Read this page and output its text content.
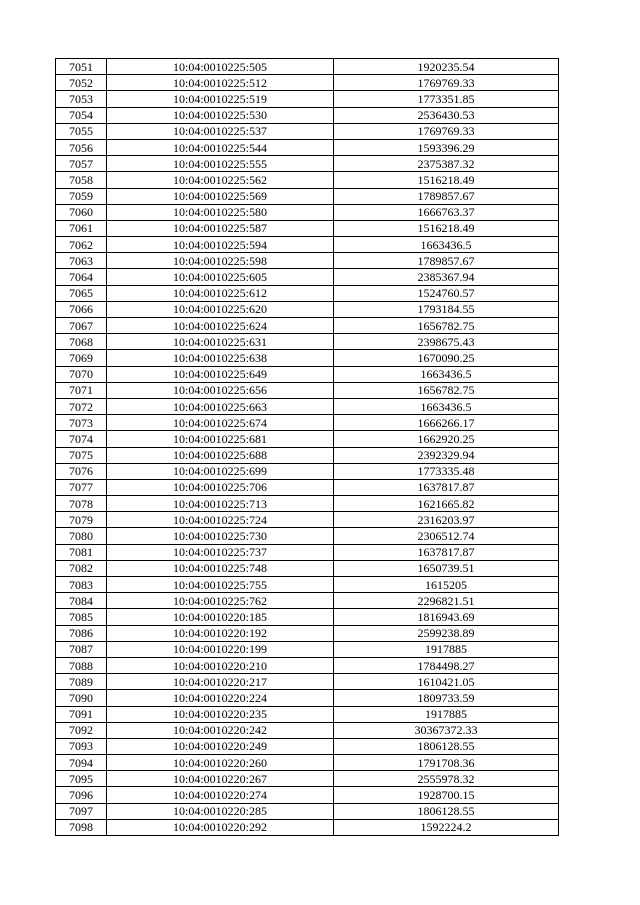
7051	10:04:0010225:505	1920235.54
7052	10:04:0010225:512	1769769.33
7053	10:04:0010225:519	1773351.85
7054	10:04:0010225:530	2536430.53
7055	10:04:0010225:537	1769769.33
7056	10:04:0010225:544	1593396.29
7057	10:04:0010225:555	2375387.32
7058	10:04:0010225:562	1516218.49
7059	10:04:0010225:569	1789857.67
7060	10:04:0010225:580	1666763.37
7061	10:04:0010225:587	1516218.49
7062	10:04:0010225:594	1663436.5
7063	10:04:0010225:598	1789857.67
7064	10:04:0010225:605	2385367.94
7065	10:04:0010225:612	1524760.57
7066	10:04:0010225:620	1793184.55
7067	10:04:0010225:624	1656782.75
7068	10:04:0010225:631	2398675.43
7069	10:04:0010225:638	1670090.25
7070	10:04:0010225:649	1663436.5
7071	10:04:0010225:656	1656782.75
7072	10:04:0010225:663	1663436.5
7073	10:04:0010225:674	1666266.17
7074	10:04:0010225:681	1662920.25
7075	10:04:0010225:688	2392329.94
7076	10:04:0010225:699	1773335.48
7077	10:04:0010225:706	1637817.87
7078	10:04:0010225:713	1621665.82
7079	10:04:0010225:724	2316203.97
7080	10:04:0010225:730	2306512.74
7081	10:04:0010225:737	1637817.87
7082	10:04:0010225:748	1650739.51
7083	10:04:0010225:755	1615205
7084	10:04:0010225:762	2296821.51
7085	10:04:0010220:185	1816943.69
7086	10:04:0010220:192	2599238.89
7087	10:04:0010220:199	1917885
7088	10:04:0010220:210	1784498.27
7089	10:04:0010220:217	1610421.05
7090	10:04:0010220:224	1809733.59
7091	10:04:0010220:235	1917885
7092	10:04:0010220:242	30367372.33
7093	10:04:0010220:249	1806128.55
7094	10:04:0010220:260	1791708.36
7095	10:04:0010220:267	2555978.32
7096	10:04:0010220:274	1928700.15
7097	10:04:0010220:285	1806128.55
7098	10:04:0010220:292	1592224.2
